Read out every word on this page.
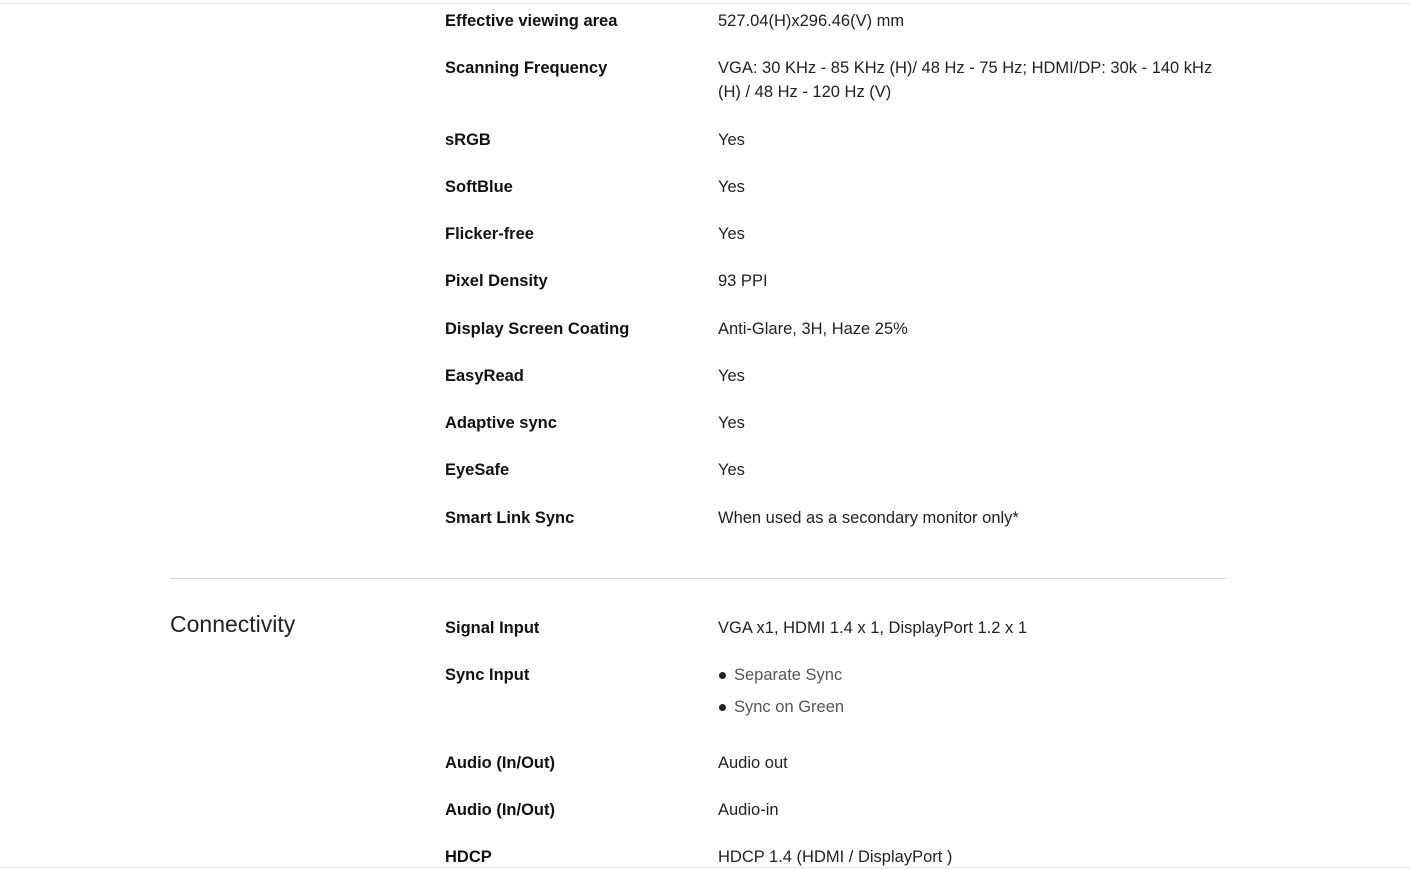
Effective viewing area	527.04(H)x296.46(V) mm
Scanning Frequency	VGA: 30 KHz - 85 KHz (H)/ 48 Hz - 75 Hz; HDMI/DP: 30k - 140 kHz (H) / 48 Hz - 120 Hz (V)
sRGB	Yes
SoftBlue	Yes
Flicker-free	Yes
Pixel Density	93 PPI
Display Screen Coating	Anti-Glare, 3H, Haze 25%
EasyRead	Yes
Adaptive sync	Yes
EyeSafe	Yes
Smart Link Sync	When used as a secondary monitor only*
Connectivity	Signal Input	VGA x1, HDMI 1.4 x 1, DisplayPort 1.2 x 1
Sync Input	Separate Sync
Sync on Green
Audio (In/Out)	Audio out
Audio (In/Out)	Audio-in
HDCP	HDCP 1.4 (HDMI / DisplayPort )
